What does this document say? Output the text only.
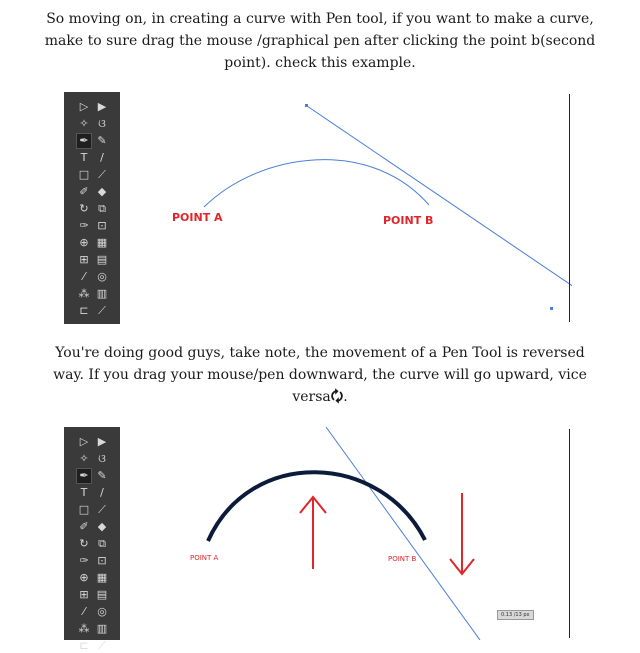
So moving on, in creating a curve with Pen tool, if you want to make a curve, make to sure drag the mouse /graphical pen after clicking the point b(second point). check this example.

▷ ▶
✧ ଓ
✒ ✎
T	/
□ ⟋
✐ ◆
↻ ⧉
✑ ⊡
⊕ ▦
⊞ ▤
⁄	◎
⁂ ▥
⊏ ⟋
POINT A	POINT B

You're doing good guys, take note, the movement of a Pen Tool is reversed way. If you drag your mouse/pen downward, the curve will go upward, vice versa🗘.

▷ ▶
✧ ଓ
✒ ✎
T	/
□ ⟋
✐ ◆
↻ ⧉
✑ ⊡
⊕ ▦
⊞ ▤
⁄	◎
⁂ ▥
⊏ ⟋
POINT A	POINT B
0.13 /13 px
